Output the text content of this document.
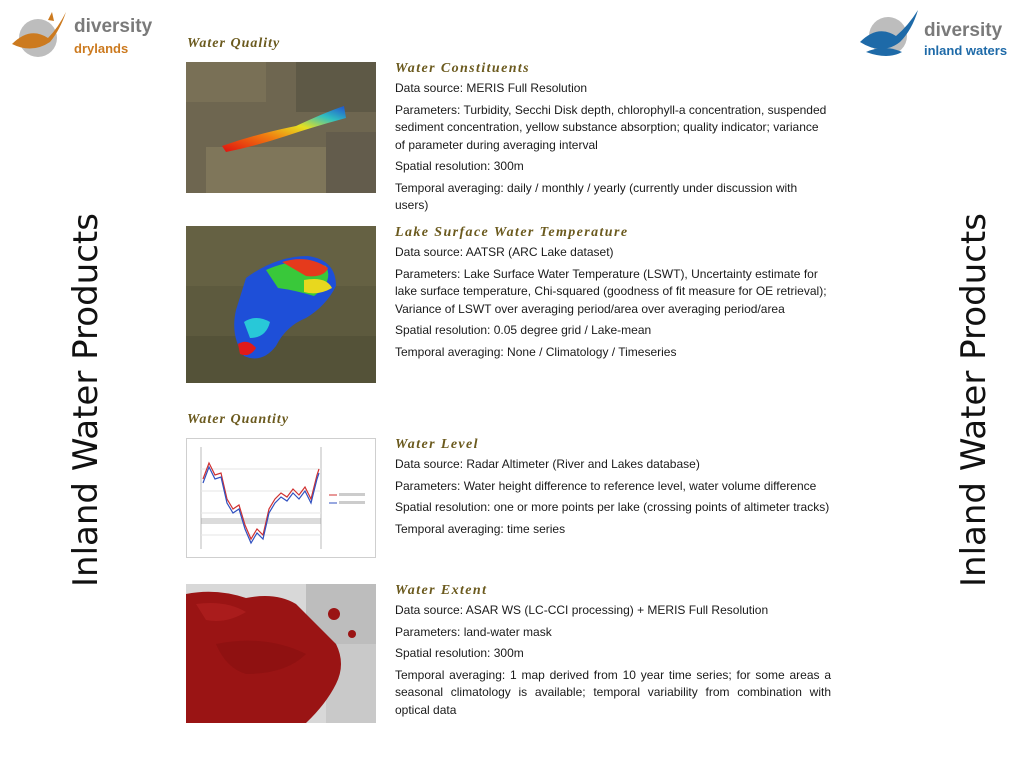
diversity
drylands
diversity
inland waters
Inland Water Products	Inland Water Products
Water Quality
Water Quantity
Water Constituents

Data source: MERIS Full Resolution

Parameters: Turbidity, Secchi Disk depth, chlorophyll-a concentration, suspended sediment concentration, yellow substance absorption; quality indicator; variance of parameter during averaging interval

Spatial resolution: 300m

Temporal averaging: daily / monthly / yearly (currently under discussion with users)

Lake Surface Water Temperature

Data source: AATSR (ARC Lake dataset)

Parameters: Lake Surface Water Temperature (LSWT), Uncertainty estimate for lake surface temperature, Chi-squared (goodness of fit measure for OE retrieval); Variance of LSWT over averaging period/area over averaging period/area

Spatial resolution: 0.05 degree grid / Lake-mean

Temporal averaging: None / Climatology / Timeseries

Water Level

Data source: Radar Altimeter (River and Lakes database)

Parameters: Water height difference to reference level, water volume difference

Spatial resolution: one or more points per lake (crossing points of altimeter tracks)

Temporal averaging: time series

Water Extent

Data source: ASAR WS (LC-CCI processing) + MERIS Full Resolution

Parameters: land-water mask

Spatial resolution: 300m

Temporal averaging: 1 map derived from 10 year time series; for some areas a seasonal climatology is available; temporal variability from combination with optical data
